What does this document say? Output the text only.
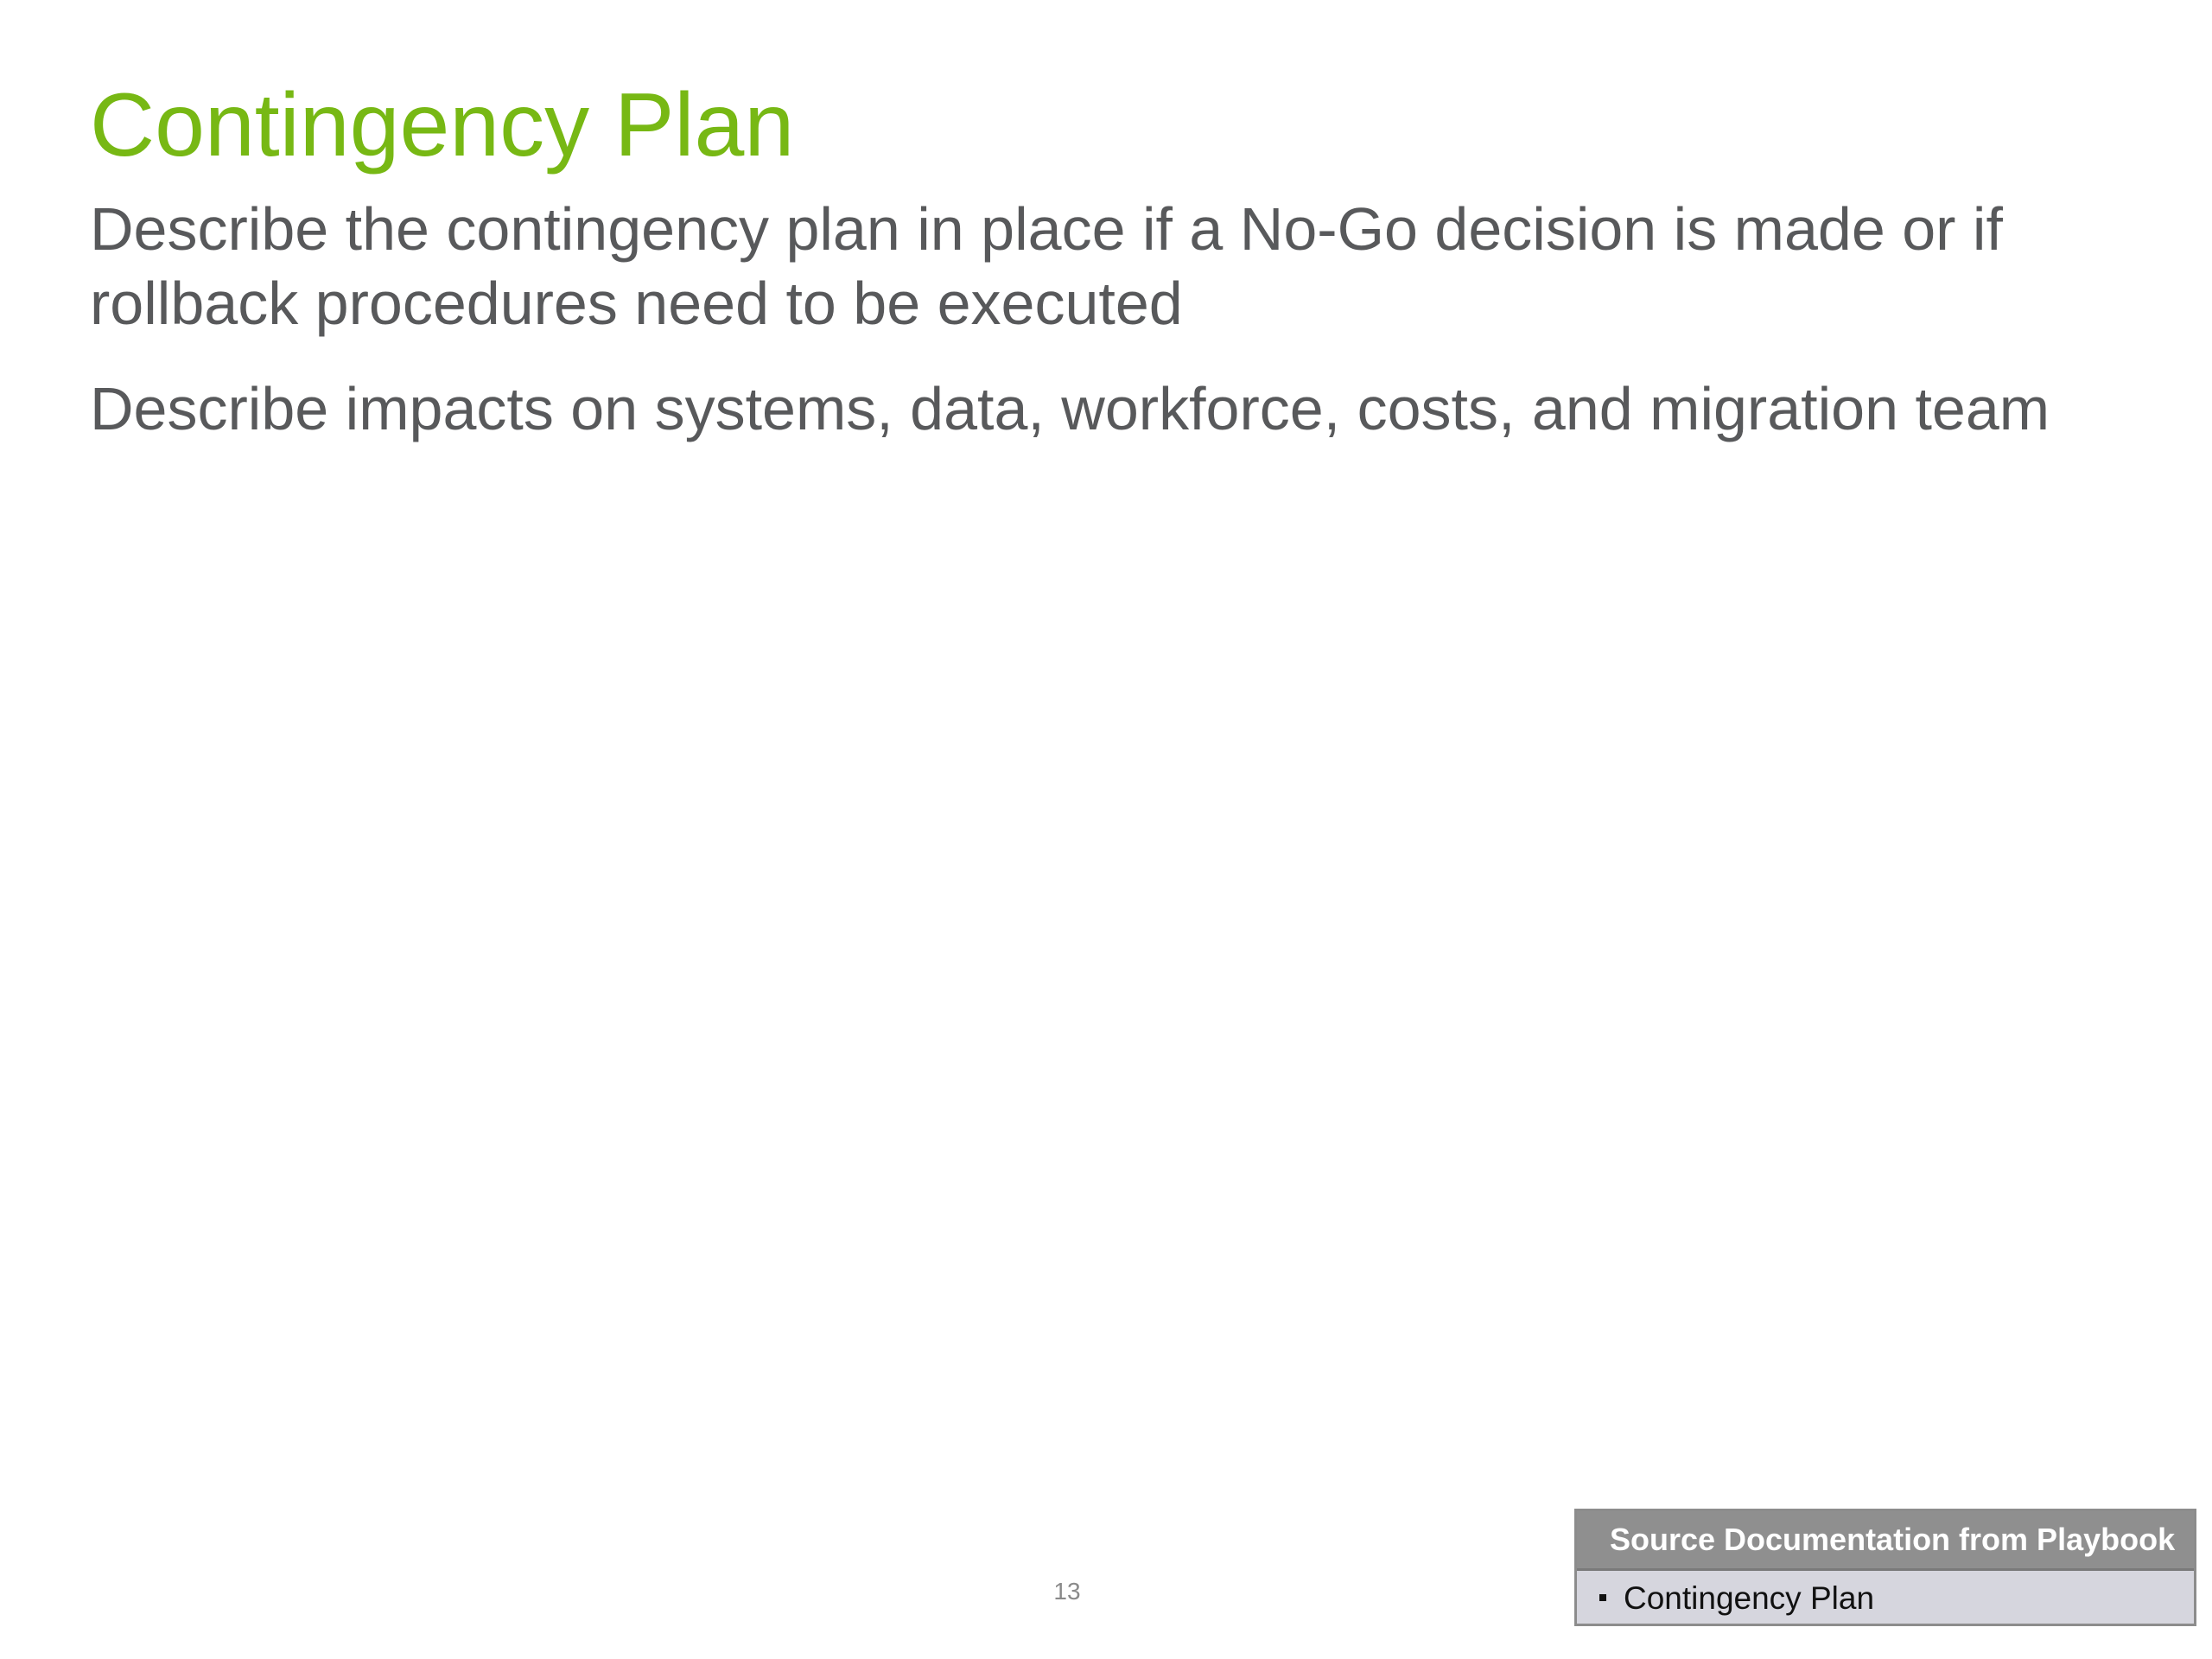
Contingency Plan

Describe the contingency plan in place if a No-Go decision is made or if rollback procedures need to be executed

Describe impacts on systems, data, workforce, costs, and migration team

13
Source Documentation from Playbook
Contingency Plan
